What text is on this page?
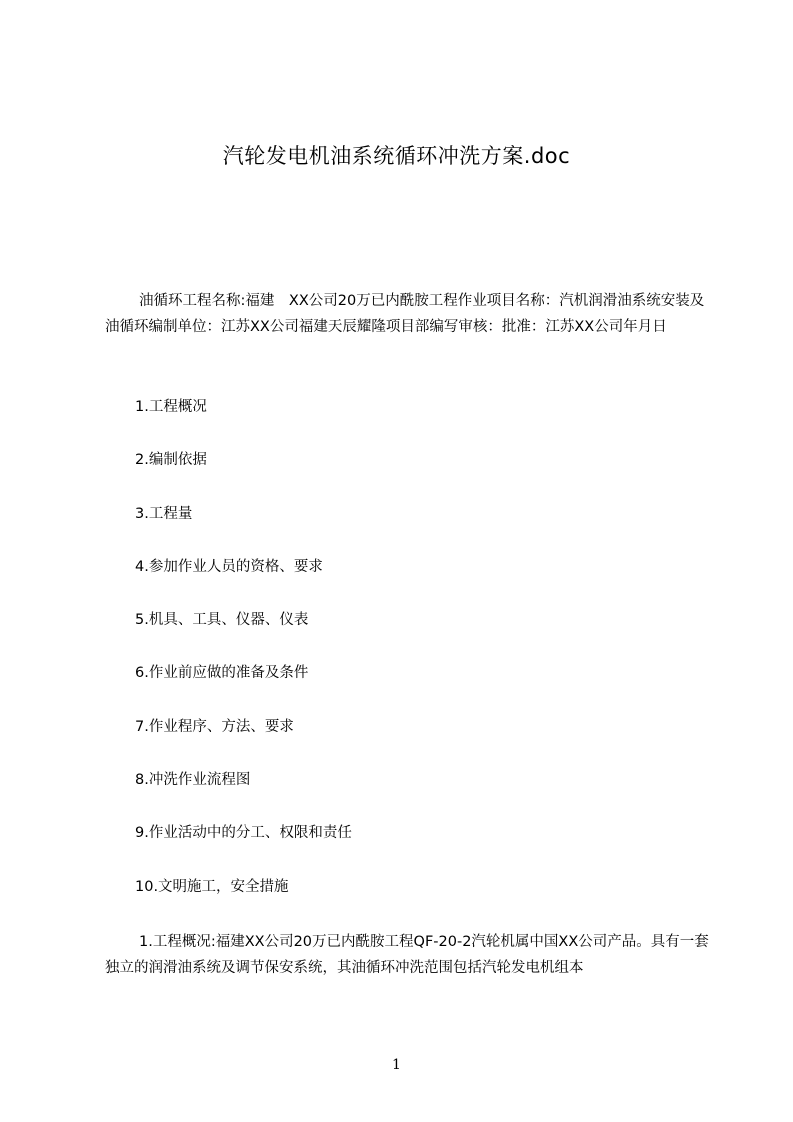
汽轮发电机油系统循环冲洗方案.doc

油循环工程名称:福建　XX公司20万已内酰胺工程作业项目名称：汽机润滑油系统安装及油循环编制单位：江苏XX公司福建天辰耀隆项目部编写审核：批准：江苏XX公司年月日

1.工程概况
2.编制依据
3.工程量
4.参加作业人员的资格、要求
5.机具、工具、仪器、仪表
6.作业前应做的准备及条件
7.作业程序、方法、要求
8.冲洗作业流程图
9.作业活动中的分工、权限和责任
10.文明施工，安全措施

1.工程概况:福建XX公司20万已内酰胺工程QF-20-2汽轮机属中国XX公司产品。具有一套独立的润滑油系统及调节保安系统，其油循环冲洗范围包括汽轮发电机组本

1
